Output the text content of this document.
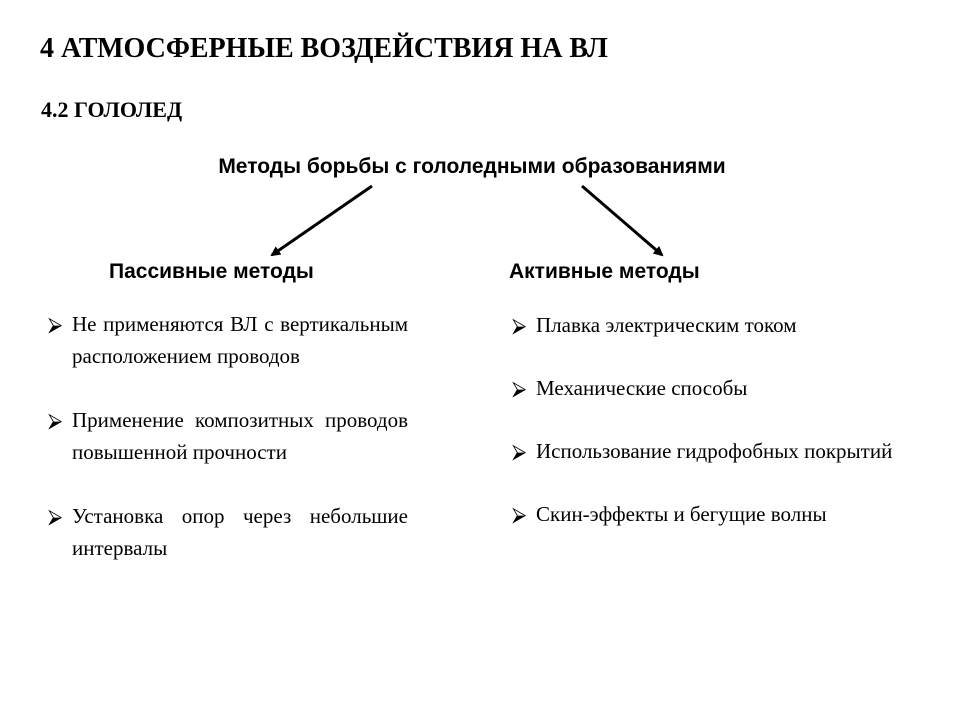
4 АТМОСФЕРНЫЕ ВОЗДЕЙСТВИЯ НА ВЛ
4.2 ГОЛОЛЕД
Методы борьбы с гололедными образованиями
Пассивные методы	Активные методы
⮚ Не применяются ВЛ с вертикальным расположением проводов
⮚ Применение композитных проводов повышенной прочности
⮚ Установка опор через небольшие интервалы
⮚ Плавка электрическим током
⮚ Механические способы
⮚ Использование гидрофобных покрытий
⮚ Скин-эффекты и бегущие волны
